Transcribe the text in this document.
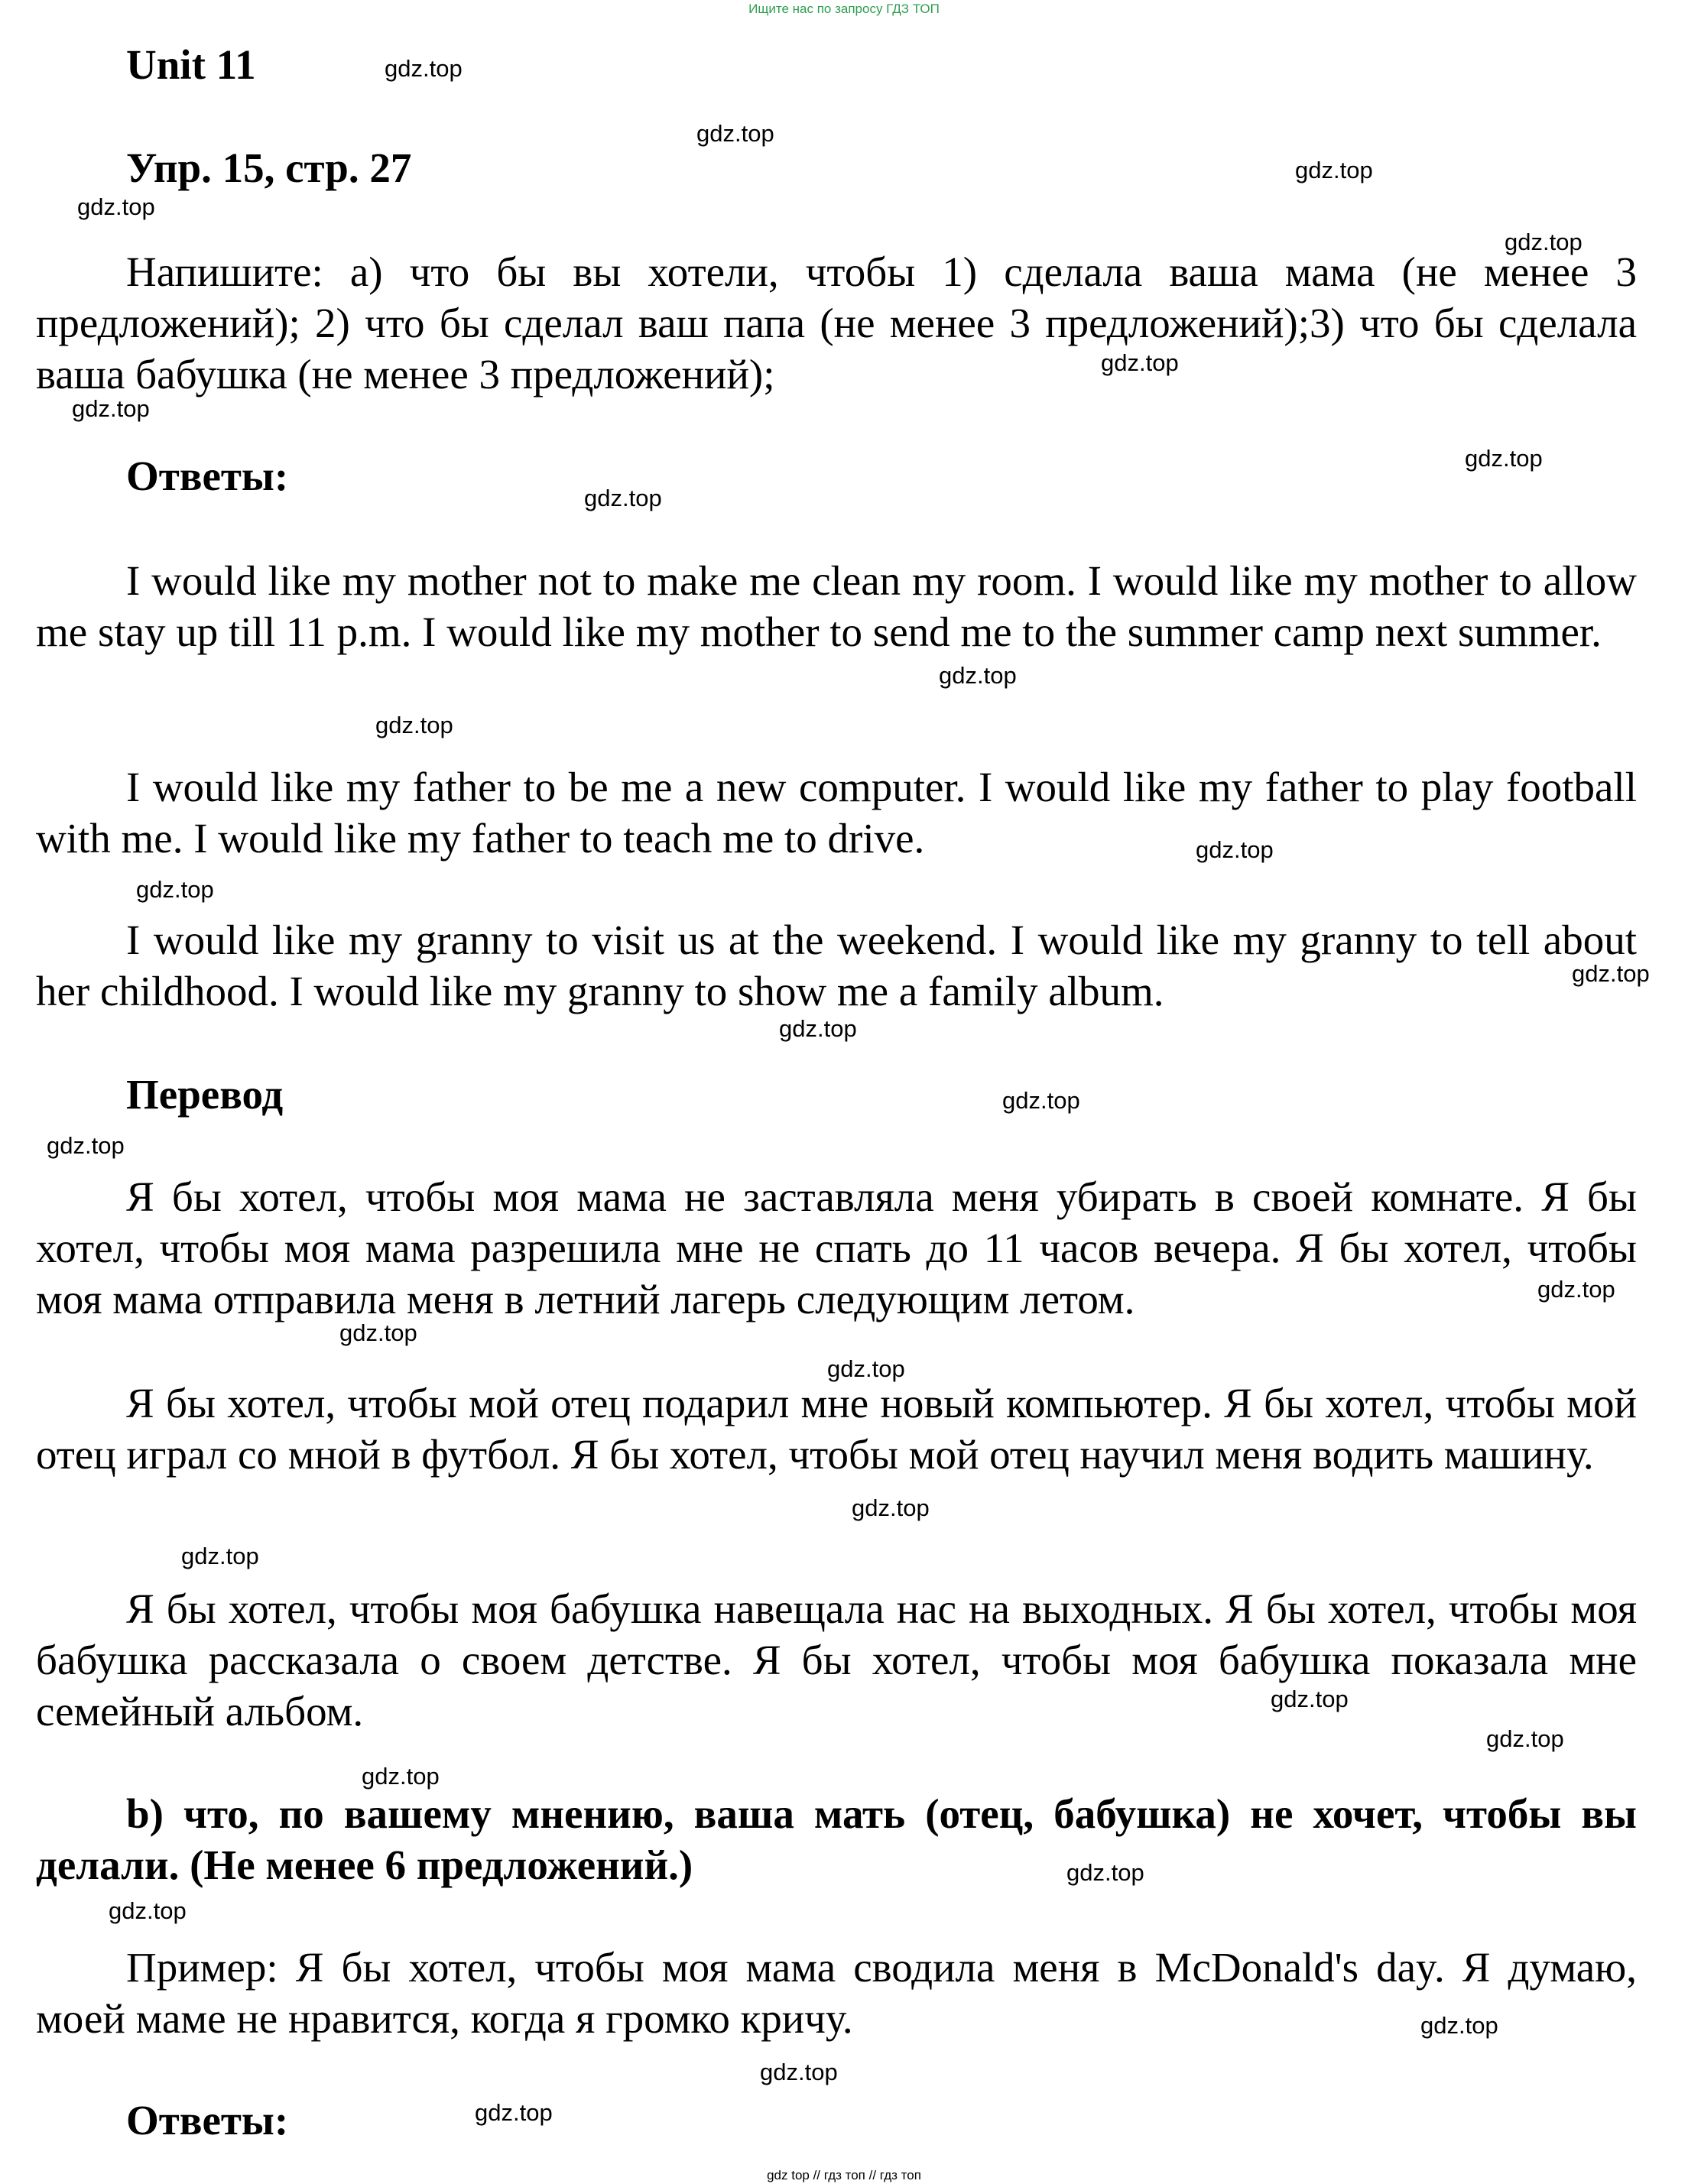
Ищите нас по запросу ГДЗ ТОП
Unit 11
Упр. 15, стр. 27
Напишите: а) что бы вы хотели, чтобы 1) сделала ваша мама (не менее 3 предложений); 2) что бы сделал ваш папа (не менее 3 предложений);3) что бы сделала ваша бабушка (не менее 3 предложений);
Ответы:
I would like my mother not to make me clean my room. I would like my mother to allow me stay up till 11 p.m. I would like my mother to send me to the summer camp next summer.
I would like my father to be me a new computer. I would like my father to play football with me. I would like my father to teach me to drive.
I would like my granny to visit us at the weekend. I would like my granny to tell about her childhood. I would like my granny to show me a family album.
Перевод
Я бы хотел, чтобы моя мама не заставляла меня убирать в своей комнате. Я бы хотел, чтобы моя мама разрешила мне не спать до 11 часов вечера. Я бы хотел, чтобы моя мама отправила меня в летний лагерь следующим летом.
Я бы хотел, чтобы мой отец подарил мне новый компьютер. Я бы хотел, чтобы мой отец играл со мной в футбол. Я бы хотел, чтобы мой отец научил меня водить машину.
Я бы хотел, чтобы моя бабушка навещала нас на выходных. Я бы хотел, чтобы моя бабушка рассказала о своем детстве. Я бы хотел, чтобы моя бабушка показала мне семейный альбом.
b) что, по вашему мнению, ваша мать (отец, бабушка) не хочет, чтобы вы делали. (Не менее 6 предложений.)
Пример: Я бы хотел, чтобы моя мама сводила меня в McDonald's day. Я думаю, моей маме не нравится, когда я громко кричу.
Ответы:
gdz.top
gdz.top
gdz.top
gdz.top
gdz.top
gdz.top
gdz.top
gdz.top
gdz.top
gdz.top
gdz.top
gdz.top
gdz.top
gdz.top
gdz.top
gdz.top
gdz.top
gdz.top
gdz.top
gdz.top
gdz.top
gdz.top
gdz.top
gdz.top
gdz.top
gdz.top
gdz.top
gdz.top
gdz.top
gdz.top
gdz top // гдз топ // гдз топ
